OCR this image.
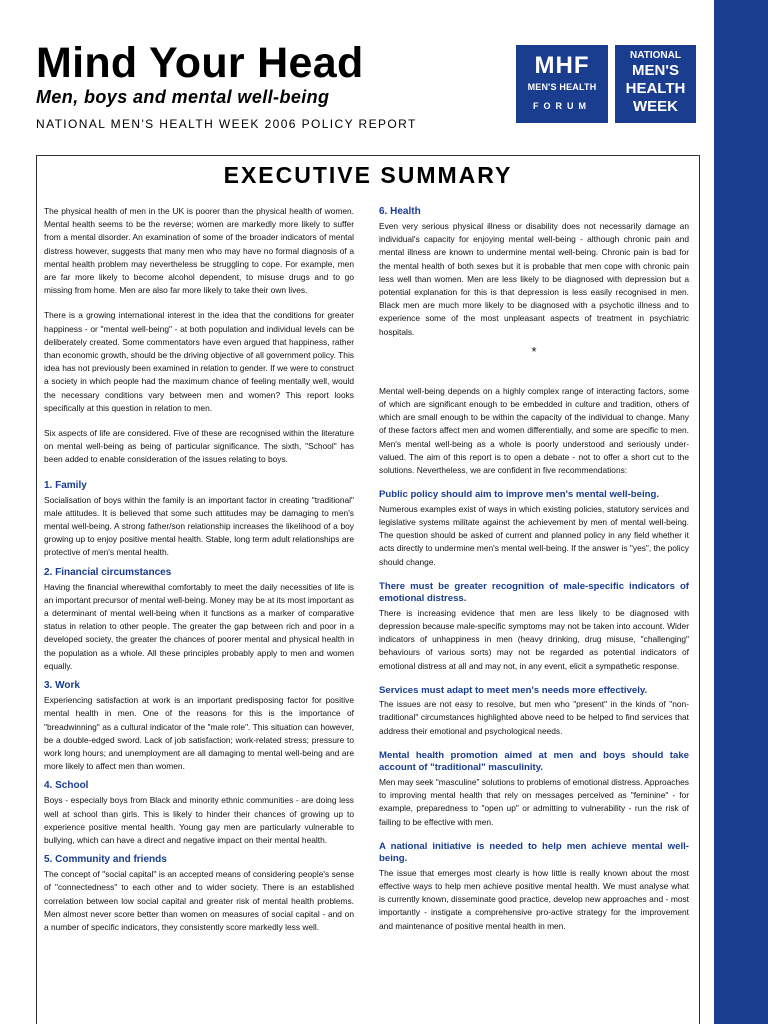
Mind Your Head
Men, boys and mental well-being
NATIONAL MEN'S HEALTH WEEK 2006 POLICY REPORT
MHF
MEN'S HEALTH
FORUM
NATIONAL
MEN'S
HEALTH
WEEK
EXECUTIVE SUMMARY

The physical health of men in the UK is poorer than the physical health of women. Mental health seems to be the reverse; women are markedly more likely to suffer from a mental disorder. An examination of some of the broader indicators of mental distress however, suggests that many men who may have no formal diagnosis of a mental health problem may nevertheless be struggling to cope. For example, men are far more likely to become alcohol dependent, to misuse drugs and to go missing from home. Men are also far more likely to take their own lives.

There is a growing international interest in the idea that the conditions for greater happiness - or "mental well-being" - at both population and individual levels can be deliberately created. Some commentators have even argued that happiness, rather than economic growth, should be the driving objective of all government policy. This idea has not previously been examined in relation to gender. If we were to construct a society in which people had the maximum chance of feeling mentally well, would the necessary conditions vary between men and women? This report looks specifically at this question in relation to men.

Six aspects of life are considered. Five of these are recognised within the literature on mental well-being as being of particular significance. The sixth, "School" has been added to enable consideration of the issues relating to boys.

1. Family

Socialisation of boys within the family is an important factor in creating "traditional" male attitudes. It is believed that some such attitudes may be damaging to men's mental well-being. A strong father/son relationship increases the likelihood of a boy growing up to enjoy positive mental health. Stable, long term adult relationships are protective of men's mental health.

2. Financial circumstances

Having the financial wherewithal comfortably to meet the daily necessities of life is an important precursor of mental well-being. Money may be at its most important as a determinant of mental well-being when it functions as a marker of comparative status in relation to other people. The greater the gap between rich and poor in a developed society, the greater the chances of poorer mental and physical health in the population as a whole. All these principles probably apply to men and women equally.

3. Work

Experiencing satisfaction at work is an important predisposing factor for positive mental health in men. One of the reasons for this is the importance of "breadwinning" as a cultural indicator of the "male role". This situation can however, be a double-edged sword. Lack of job satisfaction; work-related stress; pressure to work long hours; and unemployment are all damaging to mental well-being and are more likely to affect men than women.

4. School

Boys - especially boys from Black and minority ethnic communities - are doing less well at school than girls. This is likely to hinder their chances of growing up to experience positive mental health. Young gay men are particularly vulnerable to bullying, which can have a direct and negative impact on their mental health.

5. Community and friends

The concept of "social capital" is an accepted means of considering people's sense of "connectedness" to each other and to wider society. There is an established correlation between low social capital and greater risk of mental health problems. Men almost never score better than women on measures of social capital - and on a number of specific indicators, they consistently score markedly less well.

6. Health

Even very serious physical illness or disability does not necessarily damage an individual's capacity for enjoying mental well-being - although chronic pain and mental illness are known to undermine mental well-being. Chronic pain is bad for the mental health of both sexes but it is probable that men cope with chronic pain less well than women. Men are less likely to be diagnosed with depression but a potential explanation for this is that depression is less easily recognised in men. Black men are much more likely to be diagnosed with a psychotic illness and to experience some of the most unpleasant aspects of treatment in psychiatric hospitals.

*

Mental well-being depends on a highly complex range of interacting factors, some of which are significant enough to be embedded in culture and tradition, others of which are small enough to be within the capacity of the individual to change. Many of these factors affect men and women differentially, and some are specific to men. Men's mental well-being as a whole is poorly understood and seriously under-valued. The aim of this report is to open a debate - not to offer a short cut to the solutions. Nevertheless, we are confident in five recommendations:

Public policy should aim to improve men's mental well-being.

Numerous examples exist of ways in which existing policies, statutory services and legislative systems militate against the achievement by men of mental well-being. The question should be asked of current and planned policy in any field whether it acts directly to undermine men's mental well-being. If the answer is "yes", the policy should change.

There must be greater recognition of male-specific indicators of emotional distress.

There is increasing evidence that men are less likely to be diagnosed with depression because male-specific symptoms may not be taken into account. Wider indicators of unhappiness in men (heavy drinking, drug misuse, "challenging" behaviours of various sorts) may not be regarded as potential indicators of emotional distress at all and may not, in any event, elicit a sympathetic response.

Services must adapt to meet men's needs more effectively.

The issues are not easy to resolve, but men who "present" in the kinds of "non-traditional" circumstances highlighted above need to be helped to find services that address their emotional and psychological needs.

Mental health promotion aimed at men and boys should take account of "traditional" masculinity.

Men may seek "masculine" solutions to problems of emotional distress. Approaches to improving mental health that rely on messages perceived as "feminine" - for example, preparedness to "open up" or admitting to vulnerability - run the risk of failing to be effective with men.

A national initiative is needed to help men achieve mental well-being.

The issue that emerges most clearly is how little is really known about the most effective ways to help men achieve positive mental health. We must analyse what is currently known, disseminate good practice, develop new approaches and - most importantly - instigate a comprehensive pro-active strategy for the improvement and maintenance of positive mental health in men.
